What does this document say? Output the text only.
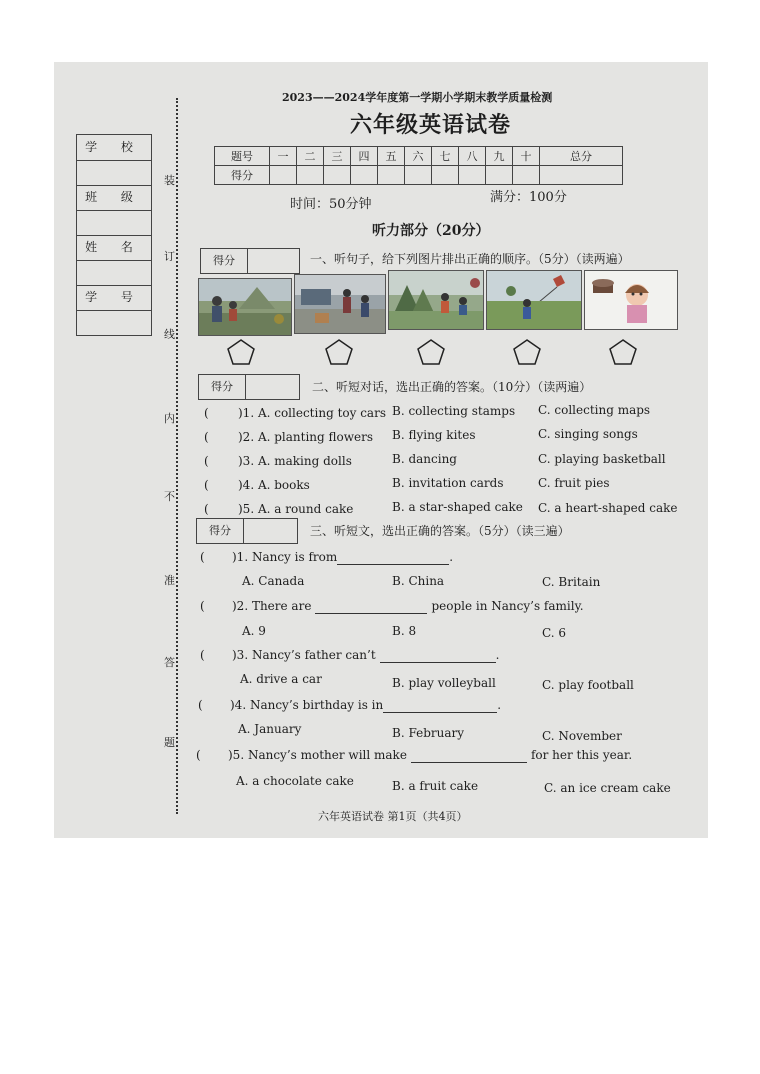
学 校
班 级
姓 名
学 号
装
订
线
内
不
准
答
题
2023——2024学年度第一学期小学期末教学质量检测
六年级英语试卷
题号	一	二	三	四	五	六	七	八	九	十	总分
得分											
时间：50分钟	满分：100分
听力部分（20分）
得分	一、听句子，给下列图片排出正确的顺序。（5分）（读两遍）
得分	二、听短对话，选出正确的答案。（10分）（读两遍）
( )1. A. collecting toy cars B. collecting stamps C. collecting maps
( )2. A. planting flowers B. flying kites	C. singing songs
( )3. A. making dolls	B. dancing	C. playing basketball
( )4. A. books	B. invitation cards	C. fruit pies
( )5. A. a round cake	B. a star-shaped cake C. a heart-shaped cake
得分	三、听短文，选出正确的答案。（5分）（读三遍）
( )1. Nancy is from	.
A. Canada	B. China	C. Britain
( )2. There are	people in Nancy’s family.
A. 9	B. 8	C. 6
( )3. Nancy’s father can’t	.
A. drive a car	B. play volleyball	C. play football
( )4. Nancy’s birthday is in	.
A. January	B. February	C. November
( )5. Nancy’s mother will make	for her this year.
A. a chocolate cake	B. a fruit cake	C. an ice cream cake
六年英语试卷 第1页（共4页）
